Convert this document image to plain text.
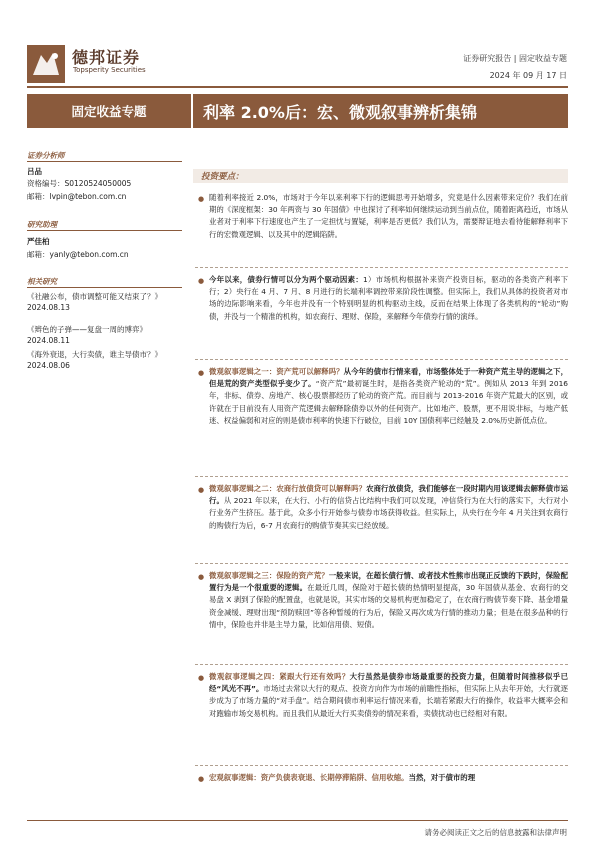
德邦证券
Topsperity Securities
证券研究报告 | 固定收益专题
2024 年 09 月 17 日
固定收益专题	利率 2.0%后：宏、微观叙事辨析集锦
证券分析师
吕品
资格编号：S0120524050005
邮箱：lvpin@tebon.com.cn
研究助理
严佳柏
邮箱：yanly@tebon.com.cn
相关研究
《社融公布，债市调整可能又结束了？》 2024.08.13
《辫色的子弹——复盘一周的博弈》
2024.08.11
《海外衰退，大行卖债，谁主导债市？》 2024.08.06
投资要点：
● 随着利率接近 2.0%，市场对于今年以来利率下行的逻辑思考开始增多，究竟是什么因素带来定价？我们在前期的《深度框架：30 年两资与 30 年国债》中也探讨了利率如何继续运动到当前点位，随着距离趋近，市场从业者对于利率下行速度也产生了一定担忧与置疑，利率是否更低？我们认为，需要辩证地去看待能解释利率下行的宏微观逻辑、以及其中的逻辑陷阱。
● 今年以来，债券行情可以分为两个驱动因素：1）市场机构根据补来资产投资目标，驱动的各类资产利率下行；2）央行在 4 月、7 月、8 月进行的长端利率调控带来阶段性调整。但实际上，我们从具体的投资者对市场的边际影响来看，今年也并没有一个特别明显的机构驱动主线，反而在结果上体现了各类机构的“轮动”购债，并没与一个精准的机构，如农商行、理财、保险，来解释今年债券行情的演绎。
● 微观叙事逻辑之一：资产荒可以解释吗？从今年的债市行情来看，市场整体处于一种资产荒主导的逻辑之下，但是荒的资产类型似乎变少了。“资产荒”最初诞生时，是指各类资产轮动的“荒”。例如从 2013 年到 2016 年，非标、债券、房地产、核心股票都经历了轮动的资产荒。而目前与 2013-2016 年资产荒最大的区别，或许就在于目前没有人用资产荒逻辑去解释除债券以外的任何资产。比如地产、股票，更不用说非标，与地产低迷、权益偏弱和对应的则是债市利率的快速下行破位，目前 10Y 国债利率已经触及 2.0%历史新低点位。
● 微观叙事逻辑之二：农商行放债贷可以解释吗？农商行放债贷，我们能够在一段时期内用该逻辑去解释债市运行。从 2021 年以来，在大行、小行的信贷占比结构中我们可以发现，冲信贷行为在大行的落实下，大行对小行业务产生挤压。基于此，众多小行开始参与债券市场获得收益。但实际上，从央行在今年 4 月关注到农商行的购债行为后，6-7 月农商行的购债节奏其实已经放缓。
● 微观叙事逻辑之三：保险的资产荒？一般来说，在超长债行情、或者技术性熊市出现正反馈的下跌时，保险配置行为是一个很重要的逻辑。在最近几周，保险对于超长债的热情明显提高，30 年国债从基金、农商行的交易盘 X 剥到了保险的配置盘，也就是说，其实市场的交易机构更加稳定了，在农商行购债节奏下降、基金增量资金减缓、理财出现“预防赎回”等各种暂缓的行为后，保险又再次成为行情的推动力量；但是在很多品种的行情中，保险也并非是主导力量，比如信用债、短债。
● 微观叙事逻辑之四：紧跟大行还有效吗？大行虽然是债券市场最重要的投资力量，但随着时间推移似乎已经“风光不再”。市场过去常以大行的观点、投资方向作为市场的前瞻性指标，但实际上从去年开始，大行就逐步成为了市场力量的“对手盘”。结合期间债市利率运行情况来看，长端若紧跟大行的操作，收益率大概率会和对跑输市场交易机构。而且我们从最近大行买卖债券的情况来看，卖债扰动也已经相对有限。
● 宏观叙事逻辑：资产负债表衰退、长期停滞陷阱、信用收缩。当然，对于债市的理
请务必阅读正文之后的信息披露和法律声明
